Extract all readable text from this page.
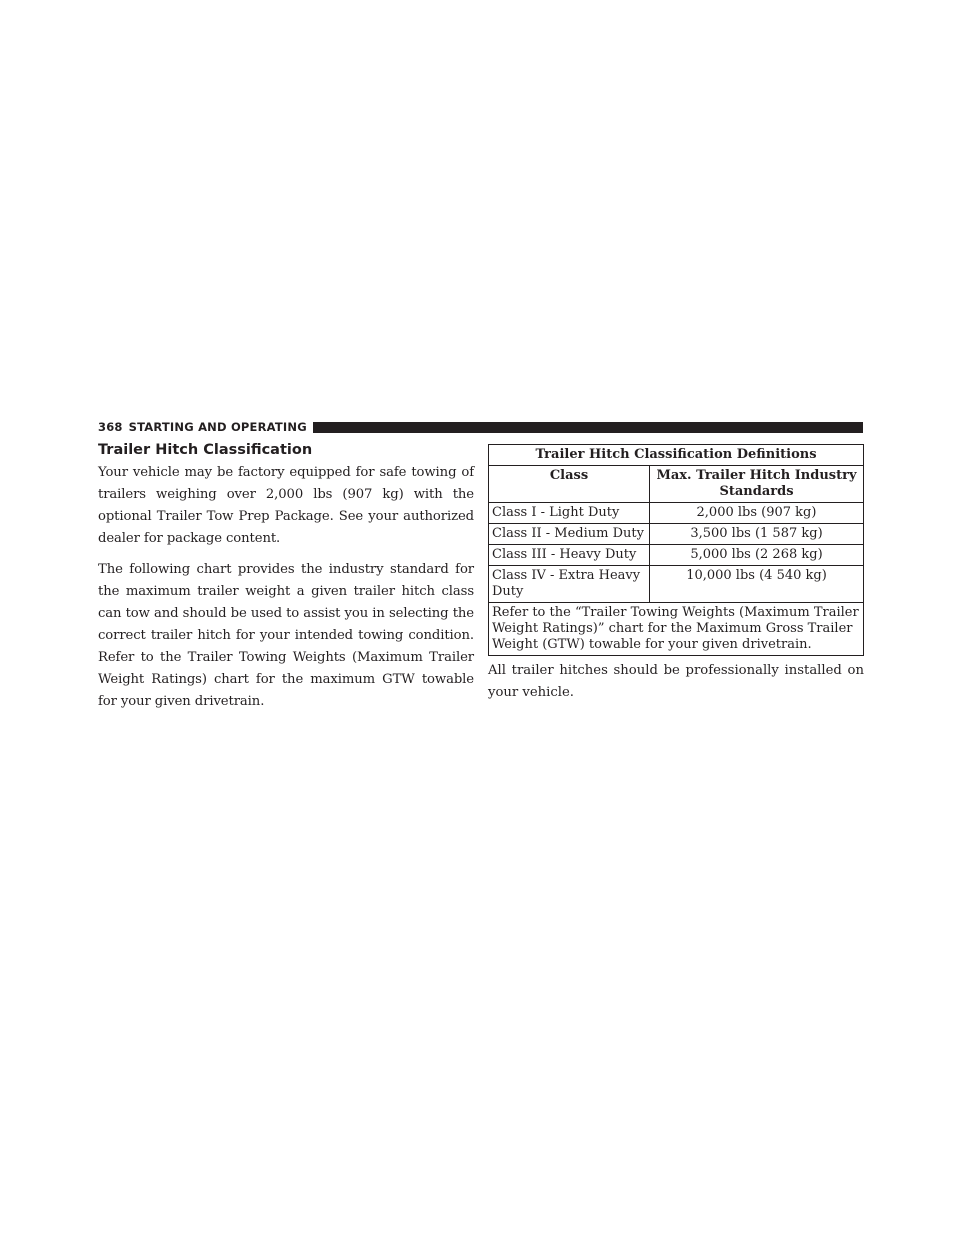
368 STARTING AND OPERATING
Trailer Hitch Classification

Your vehicle may be factory equipped for safe towing of trailers weighing over 2,000 lbs (907 kg) with the optional Trailer Tow Prep Package. See your authorized dealer for package content.

The following chart provides the industry standard for the maximum trailer weight a given trailer hitch class can tow and should be used to assist you in selecting the correct trailer hitch for your intended towing condition. Refer to the Trailer Towing Weights (Maximum Trailer Weight Ratings) chart for the maximum GTW towable for your given drivetrain.

Trailer Hitch Classification Definitions	
Class	Max. Trailer Hitch Industry Standards
Class I - Light Duty	2,000 lbs (907 kg)
Class II - Medium Duty	3,500 lbs (1 587 kg)
Class III - Heavy Duty	5,000 lbs (2 268 kg)
Class IV - Extra Heavy Duty	10,000 lbs (4 540 kg)
Refer to the “Trailer Towing Weights (Maximum Trailer Weight Ratings)” chart for the Maximum Gross Trailer Weight (GTW) towable for your given drivetrain.	

All trailer hitches should be professionally installed on your vehicle.
